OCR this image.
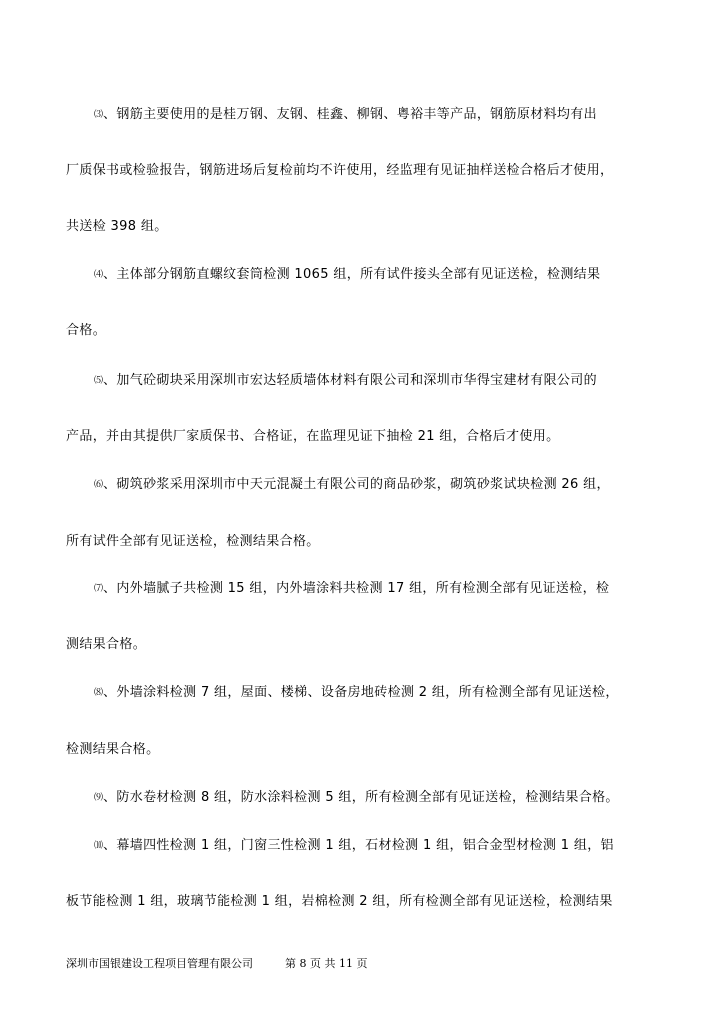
⑶、钢筋主要使用的是桂万钢、友钢、桂鑫、柳钢、粤裕丰等产品，钢筋原材料均有出
厂质保书或检验报告，钢筋进场后复检前均不许使用，经监理有见证抽样送检合格后才使用，
共送检 398 组。
⑷、主体部分钢筋直螺纹套筒检测 1065 组，所有试件接头全部有见证送检，检测结果
合格。
⑸、加气砼砌块采用深圳市宏达轻质墙体材料有限公司和深圳市华得宝建材有限公司的
产品，并由其提供厂家质保书、合格证，在监理见证下抽检 21 组，合格后才使用。
⑹、砌筑砂浆采用深圳市中天元混凝土有限公司的商品砂浆，砌筑砂浆试块检测 26 组，
所有试件全部有见证送检，检测结果合格。
⑺、内外墙腻子共检测 15 组，内外墙涂料共检测 17 组，所有检测全部有见证送检，检
测结果合格。
⑻、外墙涂料检测 7 组，屋面、楼梯、设备房地砖检测 2 组，所有检测全部有见证送检，
检测结果合格。
⑼、防水卷材检测 8 组，防水涂料检测 5 组，所有检测全部有见证送检，检测结果合格。
⑽、幕墙四性检测 1 组，门窗三性检测 1 组，石材检测 1 组，铝合金型材检测 1 组，铝
板节能检测 1 组，玻璃节能检测 1 组，岩棉检测 2 组，所有检测全部有见证送检，检测结果
深圳市国银建设工程项目管理有限公司	第 8 页 共 11 页
